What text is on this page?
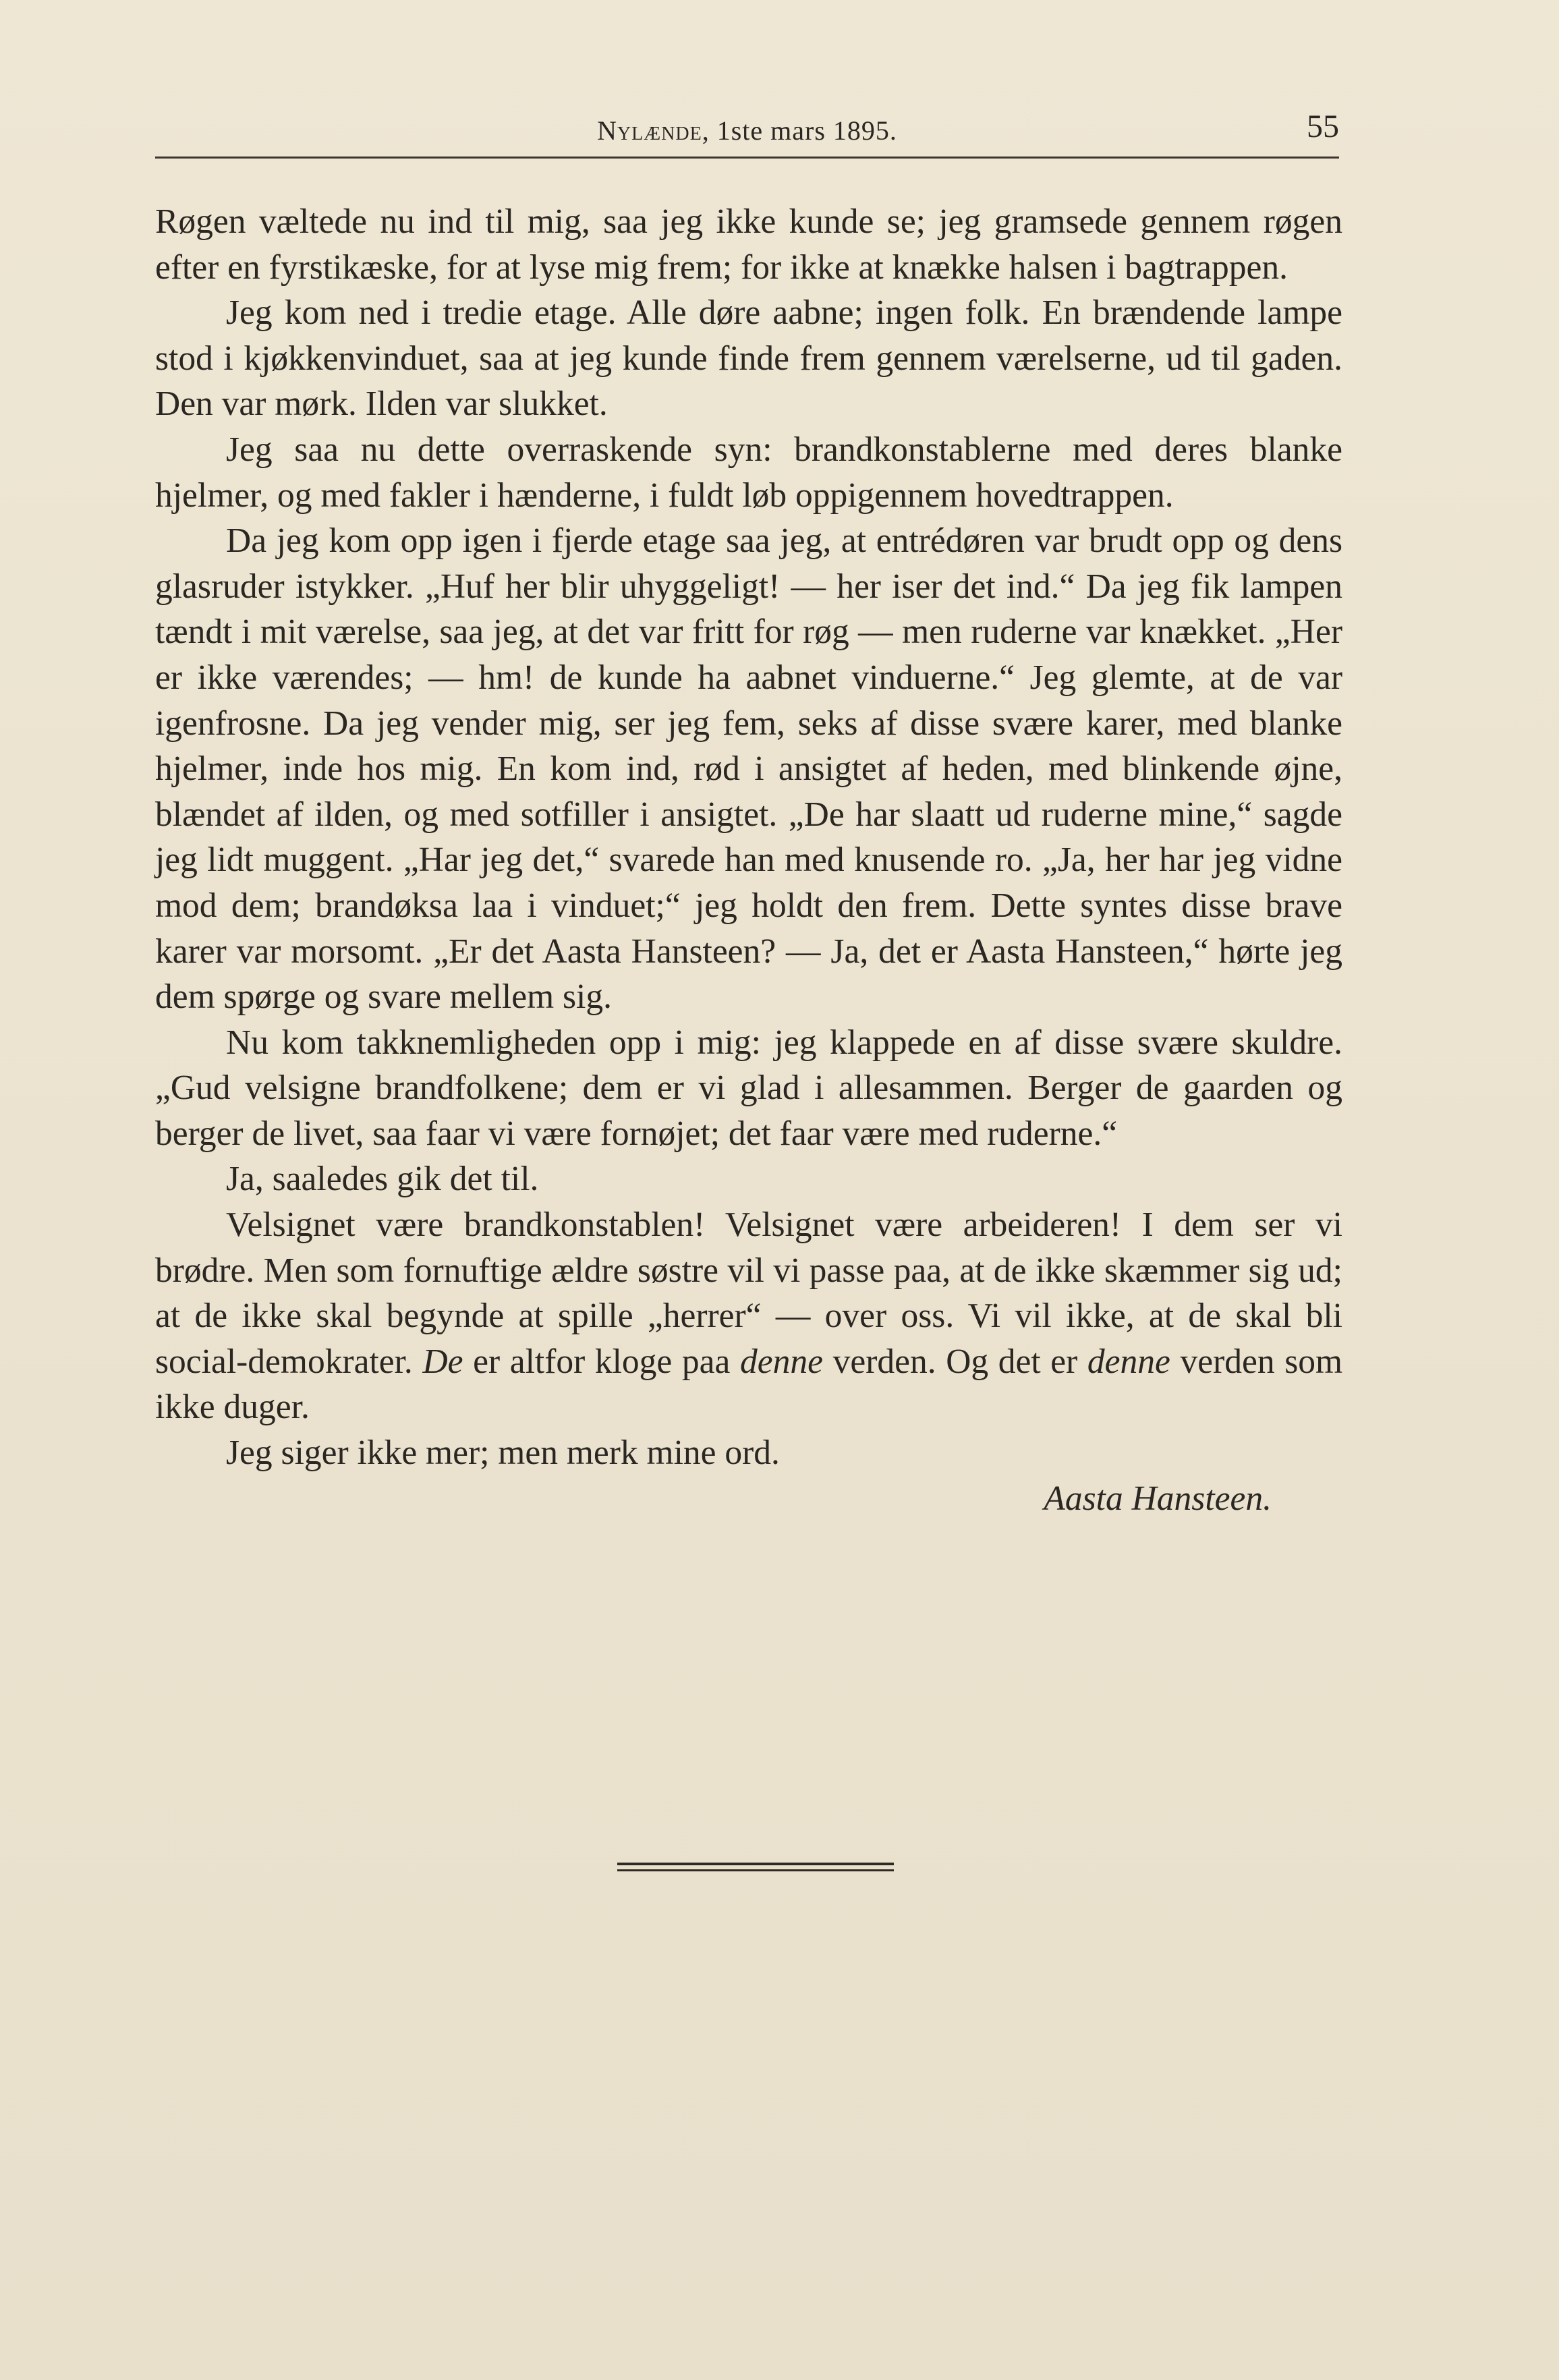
Nylænde, 1ste mars 1895.	55

Røgen væltede nu ind til mig, saa jeg ikke kunde se; jeg gramsede gennem røgen efter en fyrstikæske, for at lyse mig frem; for ikke at knække halsen i bagtrappen.

Jeg kom ned i tredie etage. Alle døre aabne; ingen folk. En brændende lampe stod i kjøkkenvinduet, saa at jeg kunde finde frem gennem værelserne, ud til gaden. Den var mørk. Ilden var slukket.

Jeg saa nu dette overraskende syn: brandkonstablerne med deres blanke hjelmer, og med fakler i hænderne, i fuldt løb oppigennem hovedtrappen.

Da jeg kom opp igen i fjerde etage saa jeg, at entrédøren var brudt opp og dens glasruder istykker. „Huf her blir uhyggeligt! — her iser det ind.“ Da jeg fik lampen tændt i mit værelse, saa jeg, at det var fritt for røg — men ruderne var knækket. „Her er ikke værendes; — hm! de kunde ha aabnet vinduerne.“ Jeg glemte, at de var igenfrosne. Da jeg vender mig, ser jeg fem, seks af disse svære karer, med blanke hjelmer, inde hos mig. En kom ind, rød i ansigtet af heden, med blinkende øjne, blændet af ilden, og med sotfiller i ansigtet. „De har slaatt ud ruderne mine,“ sagde jeg lidt muggent. „Har jeg det,“ svarede han med knusende ro. „Ja, her har jeg vidne mod dem; brandøksa laa i vinduet;“ jeg holdt den frem. Dette syntes disse brave karer var morsomt. „Er det Aasta Hansteen? — Ja, det er Aasta Hansteen,“ hørte jeg dem spørge og svare mellem sig.

Nu kom takknemligheden opp i mig: jeg klappede en af disse svære skuldre. „Gud velsigne brandfolkene; dem er vi glad i allesammen. Berger de gaarden og berger de livet, saa faar vi være fornøjet; det faar være med ruderne.“

Ja, saaledes gik det til.

Velsignet være brandkonstablen! Velsignet være arbeideren! I dem ser vi brødre. Men som fornuftige ældre søstre vil vi passe paa, at de ikke skæmmer sig ud; at de ikke skal begynde at spille „herrer“ — over oss. Vi vil ikke, at de skal bli social-demokrater. De er altfor kloge paa denne verden. Og det er denne verden som ikke duger.

Jeg siger ikke mer; men merk mine ord.

Aasta Hansteen.
